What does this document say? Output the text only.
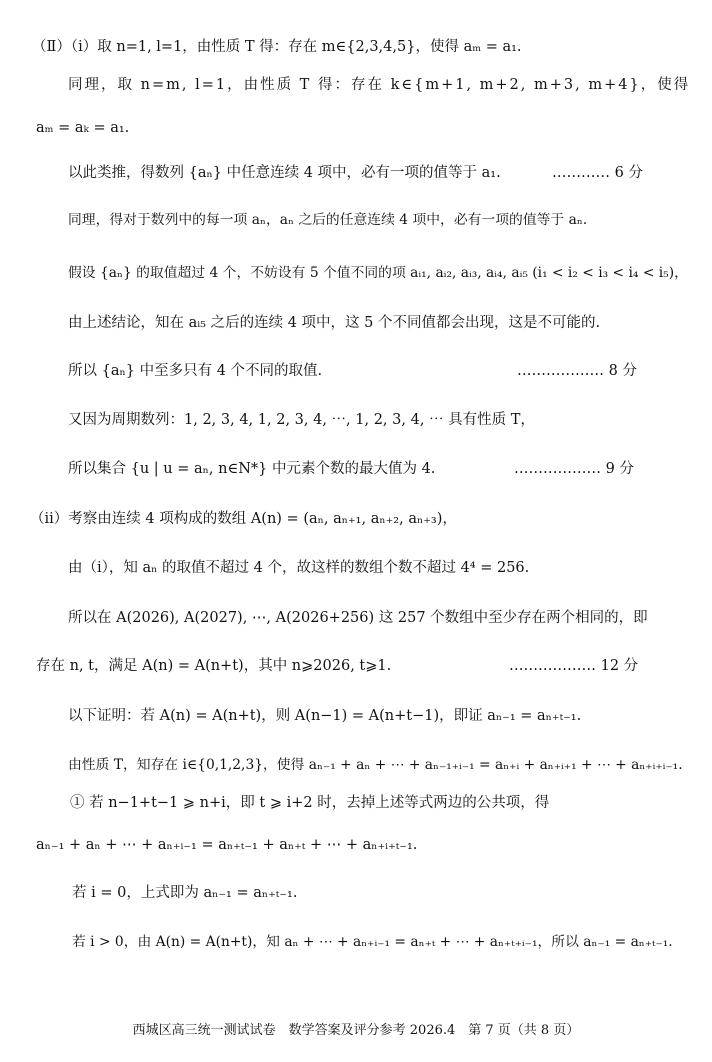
（Ⅱ）（ⅰ）取 n=1, l=1，由性质 T 得：存在 m∈{2,3,4,5}，使得 aₘ = a₁.
同理，取 n=m, l=1，由性质 T 得：存在 k∈{m+1, m+2, m+3, m+4}，使得
aₘ = aₖ = a₁.
以此类推，得数列 {aₙ} 中任意连续 4 项中，必有一项的值等于 a₁.	………… 6 分
同理，得对于数列中的每一项 aₙ，aₙ 之后的任意连续 4 项中，必有一项的值等于 aₙ.
假设 {aₙ} 的取值超过 4 个，不妨设有 5 个值不同的项 aᵢ₁, aᵢ₂, aᵢ₃, aᵢ₄, aᵢ₅ (i₁ < i₂ < i₃ < i₄ < i₅)，
由上述结论，知在 aᵢ₅ 之后的连续 4 项中，这 5 个不同值都会出现，这是不可能的.
所以 {aₙ} 中至多只有 4 个不同的取值.	……………… 8 分
又因为周期数列：1, 2, 3, 4, 1, 2, 3, 4, ⋯, 1, 2, 3, 4, ⋯ 具有性质 T，
所以集合 {u | u = aₙ, n∈N*} 中元素个数的最大值为 4.	……………… 9 分
（ⅱ）考察由连续 4 项构成的数组 A(n) = (aₙ, aₙ₊₁, aₙ₊₂, aₙ₊₃)，
由（ⅰ），知 aₙ 的取值不超过 4 个，故这样的数组个数不超过 4⁴ = 256.
所以在 A(2026), A(2027), ⋯, A(2026+256) 这 257 个数组中至少存在两个相同的，即
存在 n, t，满足 A(n) = A(n+t)，其中 n⩾2026, t⩾1.	……………… 12 分
以下证明：若 A(n) = A(n+t)，则 A(n−1) = A(n+t−1)，即证 aₙ₋₁ = aₙ₊ₜ₋₁.
由性质 T，知存在 i∈{0,1,2,3}，使得 aₙ₋₁ + aₙ + ⋯ + aₙ₋₁₊ᵢ₋₁ = aₙ₊ᵢ + aₙ₊ᵢ₊₁ + ⋯ + aₙ₊ᵢ₊ᵢ₋₁.
① 若 n−1+t−1 ⩾ n+i，即 t ⩾ i+2 时，去掉上述等式两边的公共项，得
aₙ₋₁ + aₙ + ⋯ + aₙ₊ᵢ₋₁ = aₙ₊ₜ₋₁ + aₙ₊ₜ + ⋯ + aₙ₊ᵢ₊ₜ₋₁.
若 i = 0，上式即为 aₙ₋₁ = aₙ₊ₜ₋₁.
若 i > 0，由 A(n) = A(n+t)，知 aₙ + ⋯ + aₙ₊ᵢ₋₁ = aₙ₊ₜ + ⋯ + aₙ₊ₜ₊ᵢ₋₁，所以 aₙ₋₁ = aₙ₊ₜ₋₁.
西城区高三统一测试试卷　数学答案及评分参考 2026.4　第 7 页（共 8 页）
